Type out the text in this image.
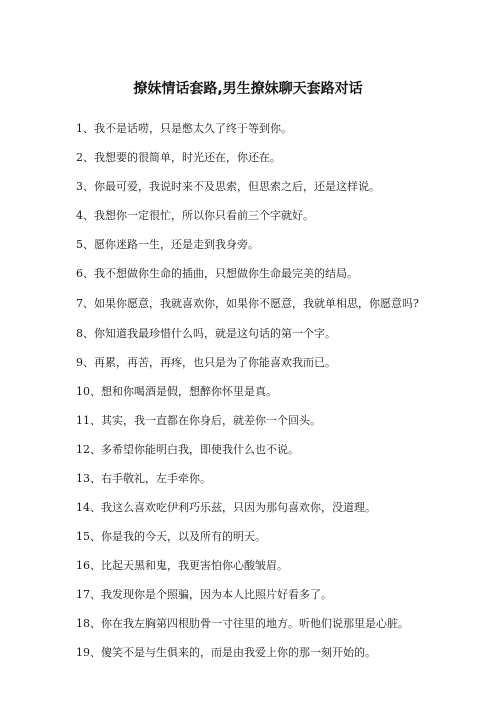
撩妹情话套路,男生撩妹聊天套路对话
1、我不是话唠，只是憋太久了终于等到你。
2、我想要的很简单，时光还在，你还在。
3、你最可爱，我说时来不及思索，但思索之后，还是这样说。
4、我想你一定很忙，所以你只看前三个字就好。
5、愿你迷路一生，还是走到我身旁。
6、我不想做你生命的插曲，只想做你生命最完美的结局。
7、如果你愿意，我就喜欢你，如果你不愿意，我就单相思，你愿意吗?
8、你知道我最珍惜什么吗，就是这句话的第一个字。
9、再累，再苦，再疼，也只是为了你能喜欢我而已。
10、想和你喝酒是假，想醉你怀里是真。
11、其实，我一直都在你身后，就差你一个回头。
12、多希望你能明白我，即使我什么也不说。
13、右手敬礼，左手牵你。
14、我这么喜欢吃伊利巧乐兹，只因为那句喜欢你，没道理。
15、你是我的今天，以及所有的明天。
16、比起天黑和鬼，我更害怕你心酸皱眉。
17、我发现你是个照骗，因为本人比照片好看多了。
18、你在我左胸第四根肋骨一寸往里的地方。听他们说那里是心脏。
19、傻笑不是与生俱来的，而是由我爱上你的那一刻开始的。
